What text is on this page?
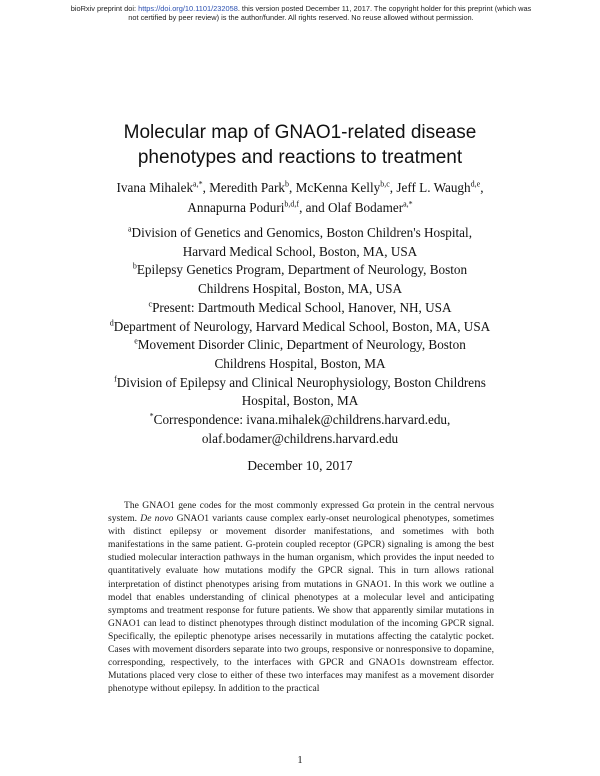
bioRxiv preprint doi: https://doi.org/10.1101/232058. this version posted December 11, 2017. The copyright holder for this preprint (which was
not certified by peer review) is the author/funder. All rights reserved. No reuse allowed without permission.
Molecular map of GNAO1-related disease
phenotypes and reactions to treatment
Ivana Mihalek$^{a,*}$, Meredith Park$^b$, McKenna Kelly$^{b,c}$, Jeff L. Waugh$^{d,e}$,
Annapurna Poduri$^{b,d,f}$, and Olaf Bodamer$^{a,*}$
$^a$Division of Genetics and Genomics, Boston Children's Hospital,
Harvard Medical School, Boston, MA, USA
$^b$Epilepsy Genetics Program, Department of Neurology, Boston
Childrens Hospital, Boston, MA, USA
$^c$Present: Dartmouth Medical School, Hanover, NH, USA
$^d$Department of Neurology, Harvard Medical School, Boston, MA, USA
$^e$Movement Disorder Clinic, Department of Neurology, Boston
Childrens Hospital, Boston, MA
$^f$Division of Epilepsy and Clinical Neurophysiology, Boston Childrens
Hospital, Boston, MA
*Correspondence: ivana.mihalek@childrens.harvard.edu,
olaf.bodamer@childrens.harvard.edu
December 10, 2017
The GNAO1 gene codes for the most commonly expressed Gα protein in the central nervous system. De novo GNAO1 variants cause complex early-onset neurological phenotypes, sometimes with distinct epilepsy or movement disorder manifestations, and sometimes with both manifestations in the same patient. G-protein coupled receptor (GPCR) signaling is among the best studied molecular interaction pathways in the human organism, which provides the input needed to quantitatively evaluate how mutations modify the GPCR signal. This in turn allows rational interpretation of distinct phenotypes arising from mutations in GNAO1. In this work we outline a model that enables understanding of clinical phenotypes at a molecular level and anticipating symptoms and treatment response for future patients. We show that apparently similar mutations in GNAO1 can lead to distinct phenotypes through distinct modulation of the incoming GPCR signal. Specifically, the epileptic phenotype arises necessarily in mutations affecting the catalytic pocket. Cases with movement disorders separate into two groups, responsive or nonresponsive to dopamine, corresponding, respectively, to the interfaces with GPCR and GNAO1s downstream effector. Mutations placed very close to either of these two interfaces may manifest as a movement disorder phenotype without epilepsy. In addition to the practical
1
